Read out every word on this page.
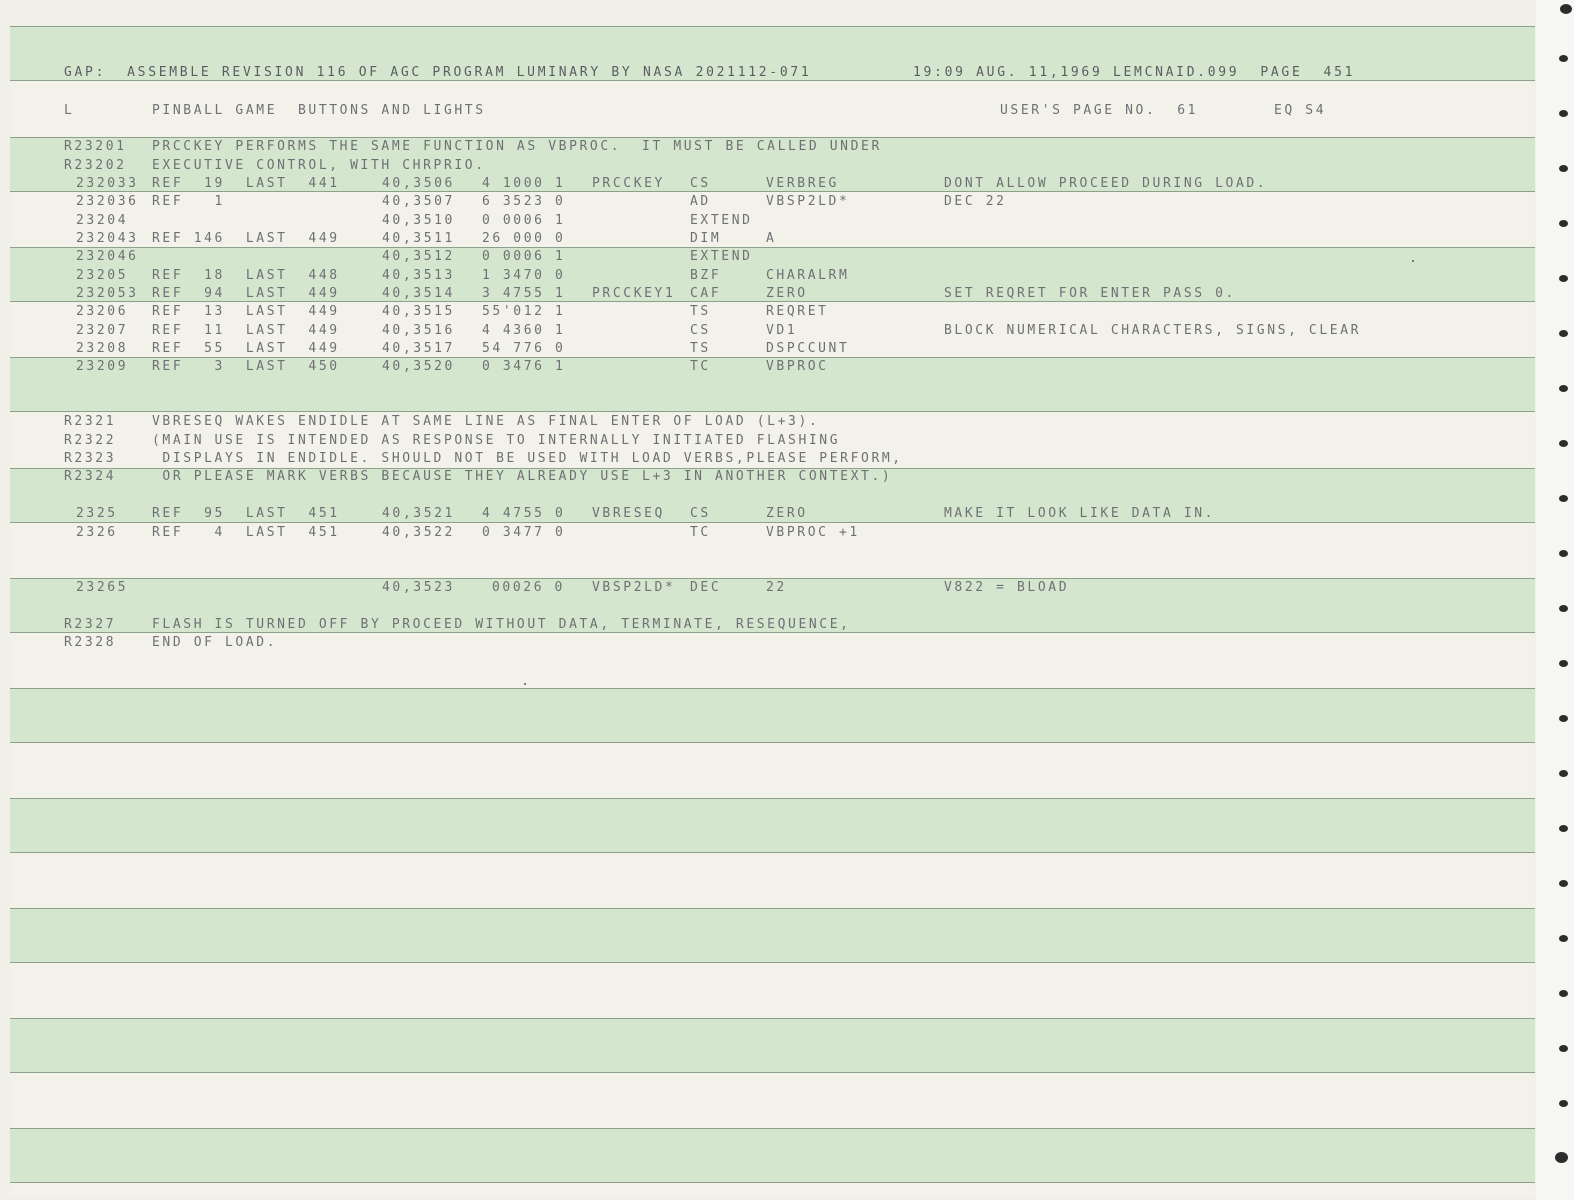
GAP:  ASSEMBLE REVISION 116 OF AGC PROGRAM LUMINARY BY NASA 2021112-071	19:09 AUG. 11,1969 LEMCNAID.099  PAGE  451
L	PINBALL GAME  BUTTONS AND LIGHTS	USER'S PAGE NO.  61	EQ S4
R23201 PRCCKEY PERFORMS THE SAME FUNCTION AS VBPROC.  IT MUST BE CALLED UNDER
R23202 EXECUTIVE CONTROL, WITH CHRPRIO.
232033 REF  19  LAST  441	40,3506 4 1000 1 PRCCKEY CS	VERBREG	DONT ALLOW PROCEED DURING LOAD.
232036 REF   1	40,3507 6 3523 0	AD	VBSP2LD*	DEC 22
23204	40,3510 0 0006 1	EXTEND
232043 REF 146  LAST  449	40,3511 26 000 0	DIM	A
232046	40,3512 0 0006 1	EXTEND
23205 REF  18  LAST  448	40,3513 1 3470 0	BZF	CHARALRM
232053 REF  94  LAST  449	40,3514 3 4755 1 PRCCKEY1 CAF	ZERO	SET REQRET FOR ENTER PASS 0.
23206 REF  13  LAST  449	40,3515 55'012 1	TS	REQRET
23207 REF  11  LAST  449	40,3516 4 4360 1	CS	VD1	BLOCK NUMERICAL CHARACTERS, SIGNS, CLEAR
23208 REF  55  LAST  449	40,3517 54 776 0	TS	DSPCCUNT
23209 REF   3  LAST  450	40,3520 0 3476 1	TC	VBPROC
R2321	VBRESEQ WAKES ENDIDLE AT SAME LINE AS FINAL ENTER OF LOAD (L+3).
R2322	(MAIN USE IS INTENDED AS RESPONSE TO INTERNALLY INITIATED FLASHING
R2323	DISPLAYS IN ENDIDLE. SHOULD NOT BE USED WITH LOAD VERBS,PLEASE PERFORM,
R2324	OR PLEASE MARK VERBS BECAUSE THEY ALREADY USE L+3 IN ANOTHER CONTEXT.)
2325	REF  95  LAST  451	40,3521 4 4755 0 VBRESEQ CS	ZERO	MAKE IT LOOK LIKE DATA IN.
2326	REF   4  LAST  451	40,3522 0 3477 0	TC	VBPROC +1
23265	40,3523	00026 0 VBSP2LD* DEC	22	V822 = BLOAD
R2327	FLASH IS TURNED OFF BY PROCEED WITHOUT DATA, TERMINATE, RESEQUENCE,
R2328	END OF LOAD.
